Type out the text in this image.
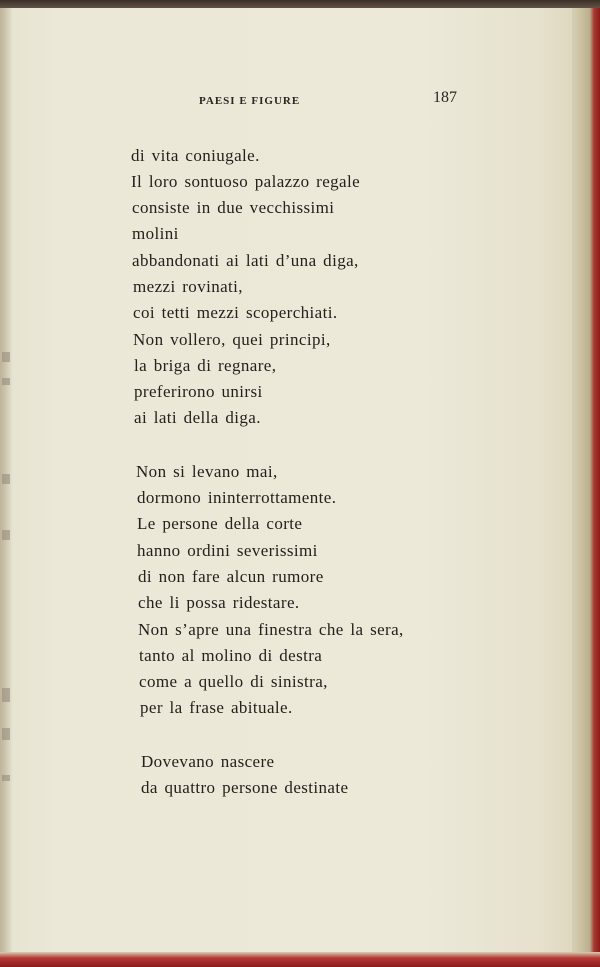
PAESI E FIGURE	187
di vita coniugale.
Il loro sontuoso palazzo regale
consiste in due vecchissimi
molini
abbandonati ai lati d’una diga,
mezzi rovinati,
coi tetti mezzi scoperchiati.
Non vollero, quei principi,
la briga di regnare,
preferirono unirsi
ai lati della diga.
Non si levano mai,
dormono ininterrottamente.
Le persone della corte
hanno ordini severissimi
di non fare alcun rumore
che li possa ridestare.
Non s’apre una finestra che la sera,
tanto al molino di destra
come a quello di sinistra,
per la frase abituale.
Dovevano nascere
da quattro persone destinate
